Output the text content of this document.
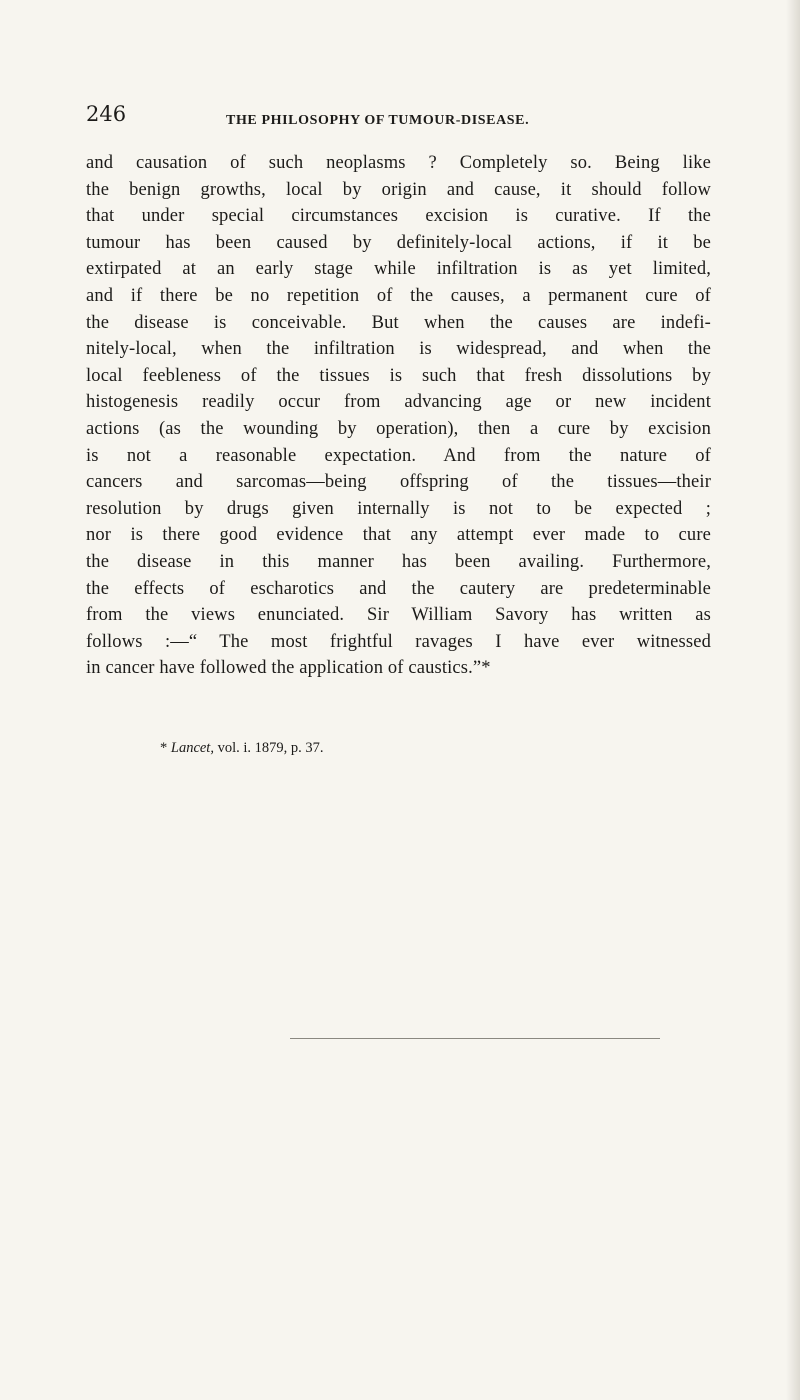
246	THE PHILOSOPHY OF TUMOUR-DISEASE.
and causation of such neoplasms ? Completely so. Being like
the benign growths, local by origin and cause, it should follow
that under special circumstances excision is curative. If the
tumour has been caused by definitely-local actions, if it be
extirpated at an early stage while infiltration is as yet limited,
and if there be no repetition of the causes, a permanent cure of
the disease is conceivable. But when the causes are indefi-
nitely-local, when the infiltration is widespread, and when the
local feebleness of the tissues is such that fresh dissolutions by
histogenesis readily occur from advancing age or new incident
actions (as the wounding by operation), then a cure by excision
is not a reasonable expectation. And from the nature of
cancers and sarcomas—being offspring of the tissues—their
resolution by drugs given internally is not to be expected ;
nor is there good evidence that any attempt ever made to cure
the disease in this manner has been availing. Furthermore,
the effects of escharotics and the cautery are predeterminable
from the views enunciated. Sir William Savory has written as
follows :—“ The most frightful ravages I have ever witnessed
in cancer have followed the application of caustics.”*
* Lancet, vol. i. 1879, p. 37.
